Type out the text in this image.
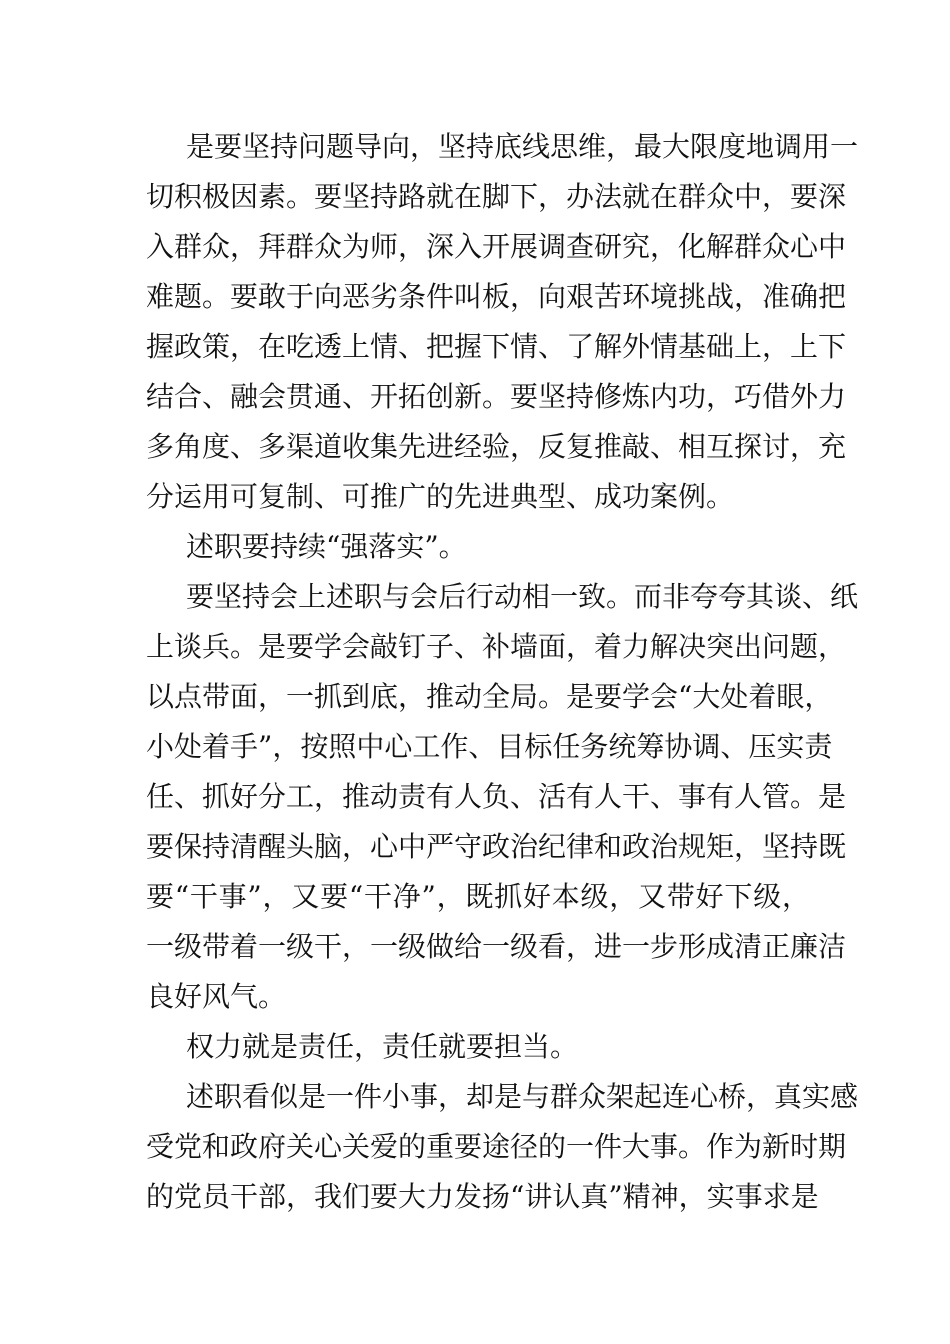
是要坚持问题导向，坚持底线思维，最大限度地调用一
切积极因素。要坚持路就在脚下，办法就在群众中，要深
入群众，拜群众为师，深入开展调查研究，化解群众心中
难题。要敢于向恶劣条件叫板，向艰苦环境挑战，准确把
握政策，在吃透上情、把握下情、了解外情基础上，上下
结合、融会贯通、开拓创新。要坚持修炼内功，巧借外力
多角度、多渠道收集先进经验，反复推敲、相互探讨，充
分运用可复制、可推广的先进典型、成功案例。
述职要持续“强落实”。
要坚持会上述职与会后行动相一致。而非夸夸其谈、纸
上谈兵。是要学会敲钉子、补墙面，着力解决突出问题，
以点带面，一抓到底，推动全局。是要学会“大处着眼，
小处着手”，按照中心工作、目标任务统筹协调、压实责
任、抓好分工，推动责有人负、活有人干、事有人管。是
要保持清醒头脑，心中严守政治纪律和政治规矩，坚持既
要“干事”，又要“干净”，既抓好本级，又带好下级，
一级带着一级干，一级做给一级看，进一步形成清正廉洁
良好风气。
权力就是责任，责任就要担当。
述职看似是一件小事，却是与群众架起连心桥，真实感
受党和政府关心关爱的重要途径的一件大事。作为新时期
的党员干部，我们要大力发扬“讲认真”精神，实事求是
